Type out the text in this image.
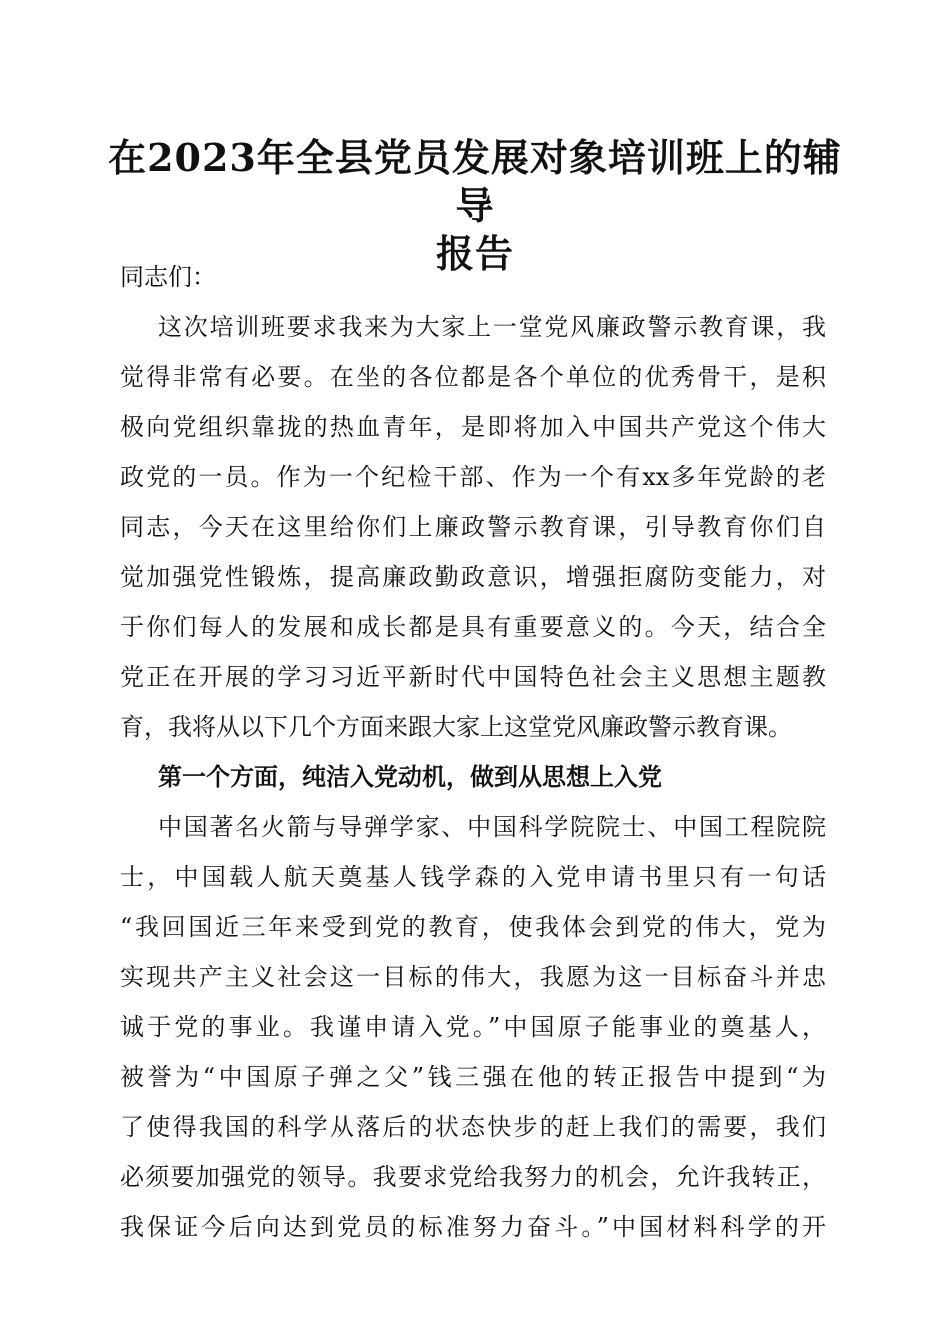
在2023年全县党员发展对象培训班上的辅导
报告
同志们：
这次培训班要求我来为大家上一堂党风廉政警示教育课，我
觉得非常有必要。在坐的各位都是各个单位的优秀骨干，是积
极向党组织靠拢的热血青年，是即将加入中国共产党这个伟大
政党的一员。作为一个纪检干部、作为一个有xx多年党龄的老
同志，今天在这里给你们上廉政警示教育课，引导教育你们自
觉加强党性锻炼，提高廉政勤政意识，增强拒腐防变能力，对
于你们每人的发展和成长都是具有重要意义的。今天，结合全
党正在开展的学习习近平新时代中国特色社会主义思想主题教
育，我将从以下几个方面来跟大家上这堂党风廉政警示教育课。
第一个方面，纯洁入党动机，做到从思想上入党
中国著名火箭与导弹学家、中国科学院院士、中国工程院院
士，中国载人航天奠基人钱学森的入党申请书里只有一句话
“我回国近三年来受到党的教育，使我体会到党的伟大，党为
实现共产主义社会这一目标的伟大，我愿为这一目标奋斗并忠
诚于党的事业。我谨申请入党。”中国原子能事业的奠基人，
被誉为“中国原子弹之父”钱三强在他的转正报告中提到“为
了使得我国的科学从落后的状态快步的赶上我们的需要，我们
必须要加强党的领导。我要求党给我努力的机会，允许我转正，
我保证今后向达到党员的标准努力奋斗。”中国材料科学的开
